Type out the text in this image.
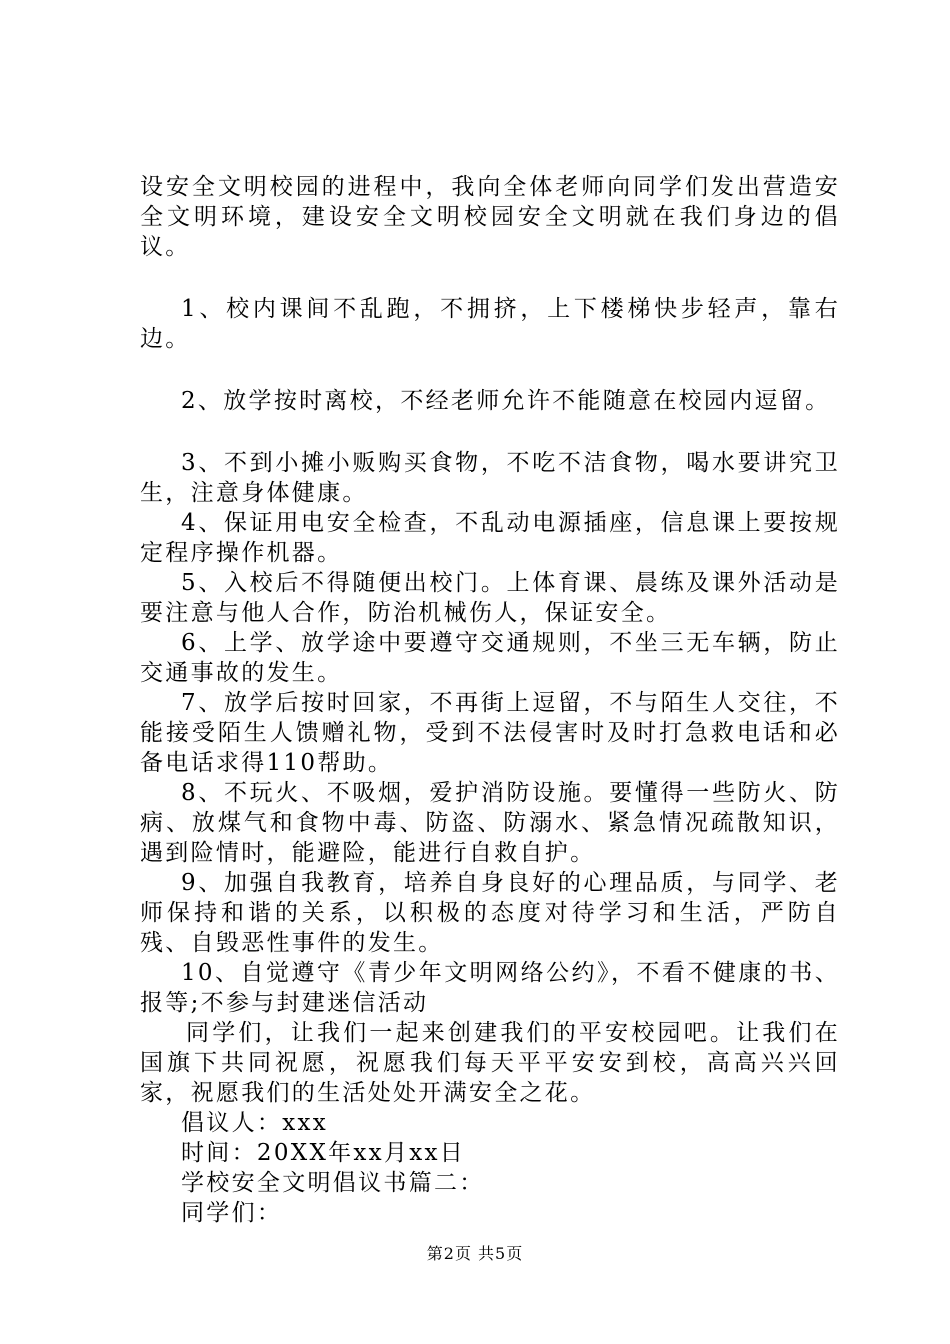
设安全文明校园的进程中，我向全体老师向同学们发出营造安全文明环境，建设安全文明校园安全文明就在我们身边的倡议。

1、校内课间不乱跑，不拥挤，上下楼梯快步轻声，靠右边。

2、放学按时离校，不经老师允许不能随意在校园内逗留。

3、不到小摊小贩购买食物，不吃不洁食物，喝水要讲究卫生，注意身体健康。

4、保证用电安全检查，不乱动电源插座，信息课上要按规定程序操作机器。

5、入校后不得随便出校门。上体育课、晨练及课外活动是要注意与他人合作，防治机械伤人，保证安全。

6、上学、放学途中要遵守交通规则，不坐三无车辆，防止交通事故的发生。

7、放学后按时回家，不再街上逗留，不与陌生人交往，不能接受陌生人馈赠礼物，受到不法侵害时及时打急救电话和必备电话求得110帮助。

8、不玩火、不吸烟，爱护消防设施。要懂得一些防火、防病、放煤气和食物中毒、防盗、防溺水、紧急情况疏散知识，遇到险情时，能避险，能进行自救自护。

9、加强自我教育，培养自身良好的心理品质，与同学、老师保持和谐的关系，以积极的态度对待学习和生活，严防自残、自毁恶性事件的发生。

10、自觉遵守《青少年文明网络公约》，不看不健康的书、报等;不参与封建迷信活动

同学们，让我们一起来创建我们的平安校园吧。让我们在国旗下共同祝愿，祝愿我们每天平平安安到校，高高兴兴回家，祝愿我们的生活处处开满安全之花。

倡议人：xxx

时间：20XX年xx月xx日

学校安全文明倡议书篇二：

同学们：

第2页 共5页
